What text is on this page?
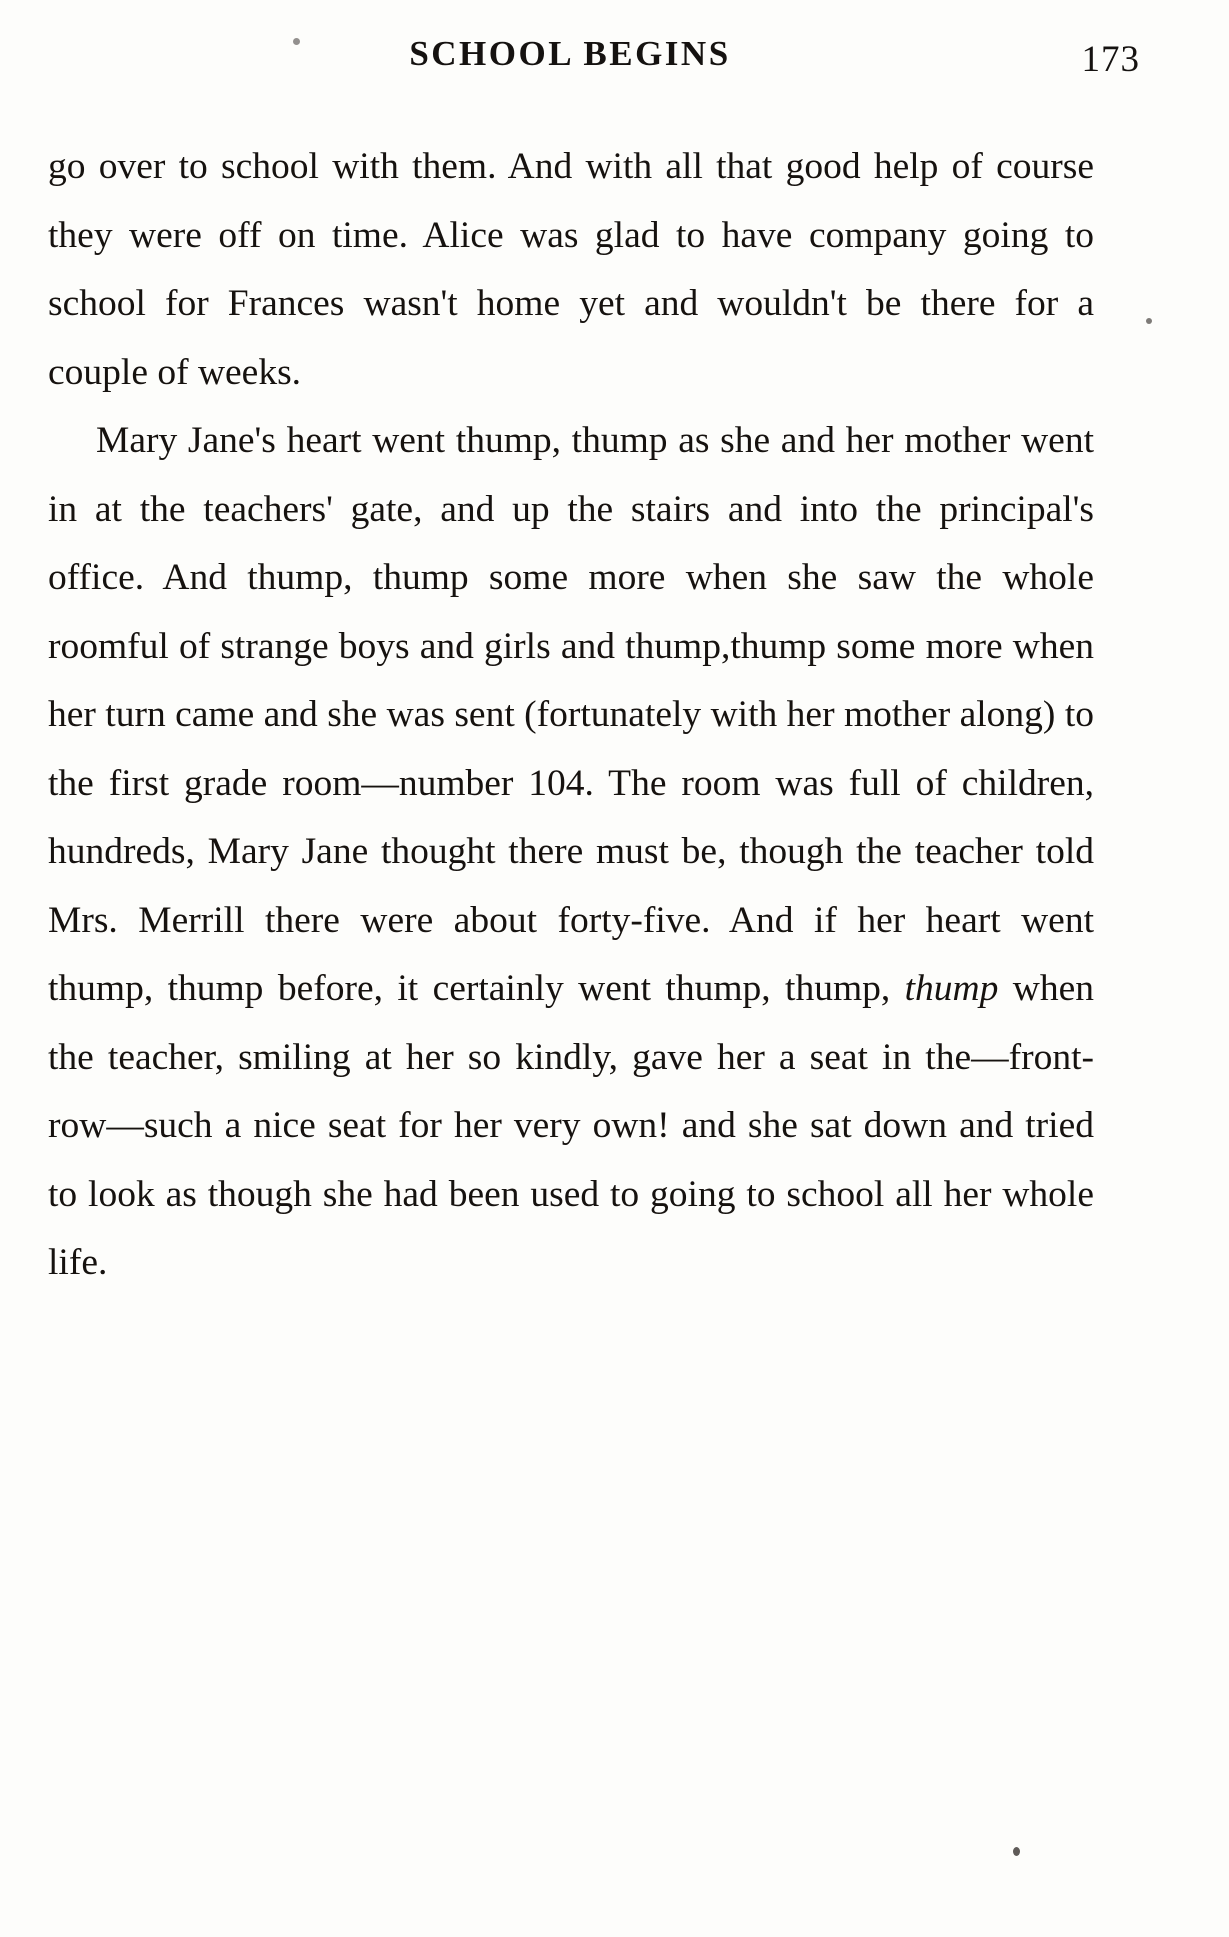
SCHOOL BEGINS	173

go over to school with them. And with all that good help of course they were off on time. Alice was glad to have company going to school for Frances wasn't home yet and wouldn't be there for a couple of weeks.

Mary Jane's heart went thump, thump as she and her mother went in at the teachers' gate, and up the stairs and into the principal's office. And thump, thump some more when she saw the whole roomful of strange boys and girls and thump,thump some more when her turn came and she was sent (fortunately with her mother along) to the first grade room—number 104. The room was full of children, hundreds, Mary Jane thought there must be, though the teacher told Mrs. Merrill there were about forty-five. And if her heart went thump, thump before, it certainly went thump, thump, thump when the teacher, smiling at her so kindly, gave her a seat in the—front-row—such a nice seat for her very own! and she sat down and tried to look as though she had been used to going to school all her whole life.
